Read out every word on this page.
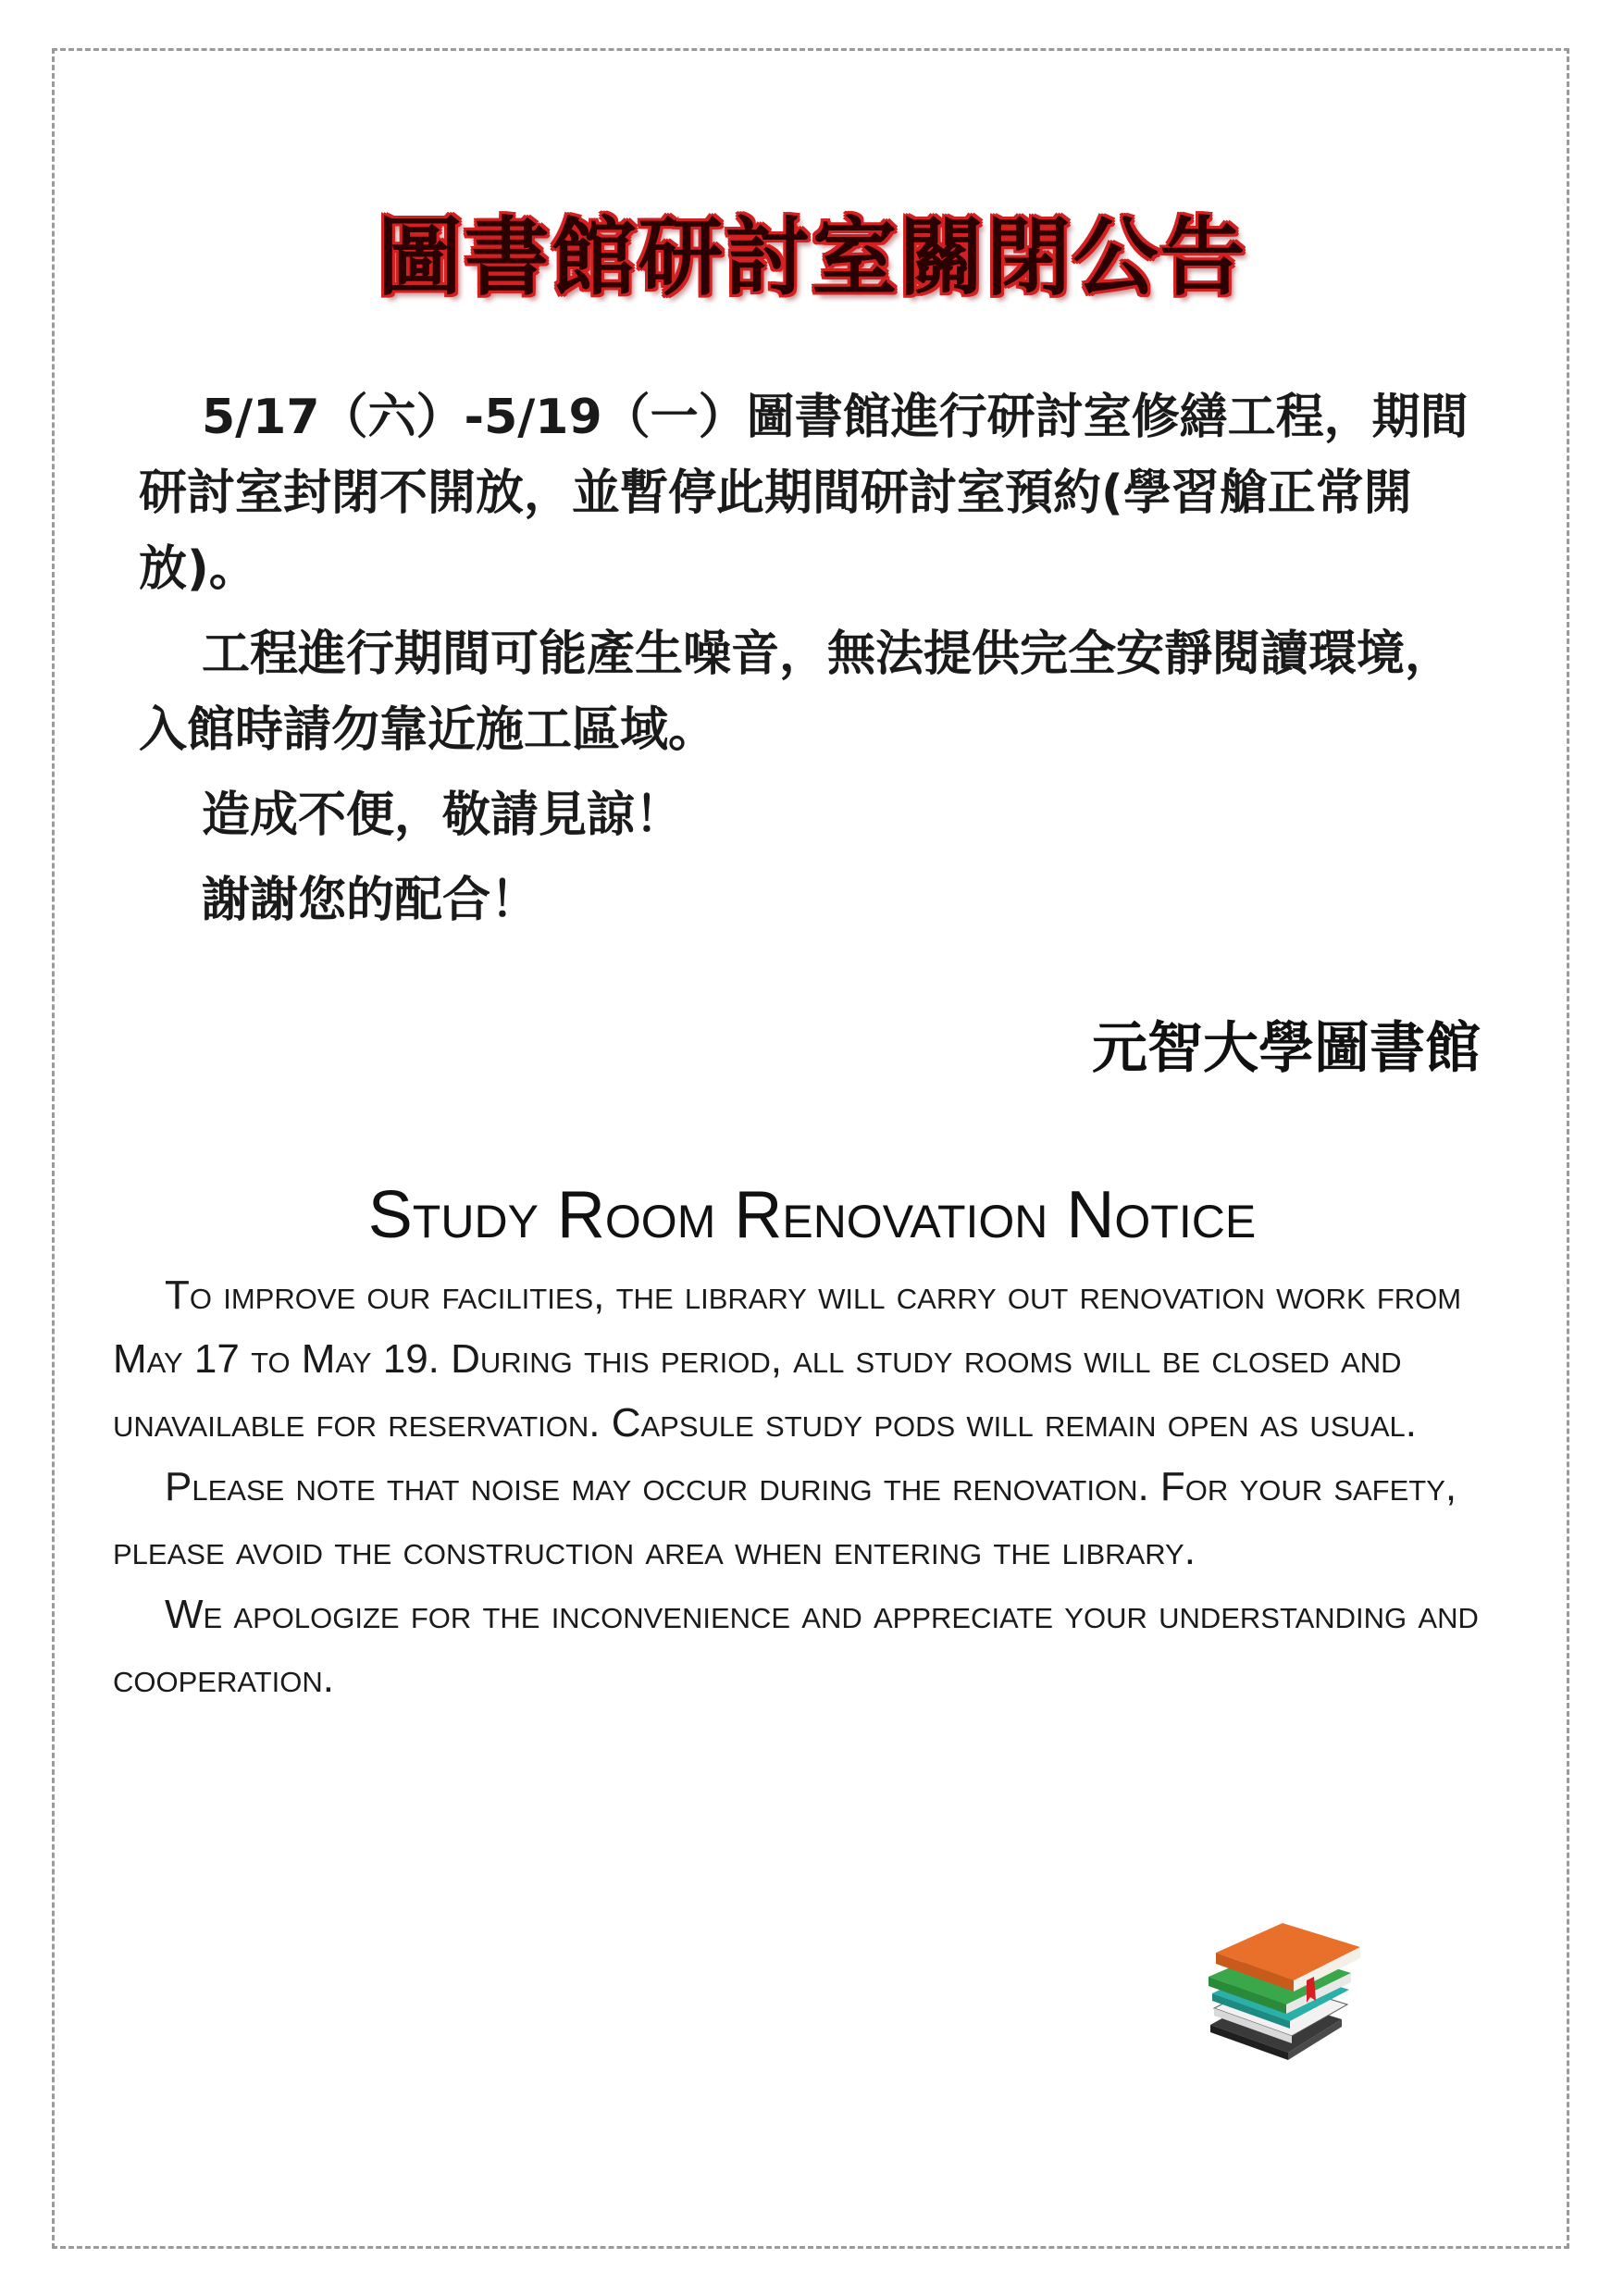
圖書館研討室關閉公告

5/17（六）-5/19（一）圖書館進行研討室修繕工程，期間研討室封閉不開放，並暫停此期間研討室預約(學習艙正常開放)。

工程進行期間可能產生噪音，無法提供完全安靜閱讀環境，入館時請勿靠近施工區域。

造成不便，敬請見諒！

謝謝您的配合！

元智大學圖書館
Study Room Renovation Notice

To improve our facilities, the library will carry out renovation work from May 17 to May 19. During this period, all study rooms will be closed and unavailable for reservation. Capsule study pods will remain open as usual.

Please note that noise may occur during the renovation. For your safety, please avoid the construction area when entering the library.

We apologize for the inconvenience and appreciate your understanding and cooperation.
